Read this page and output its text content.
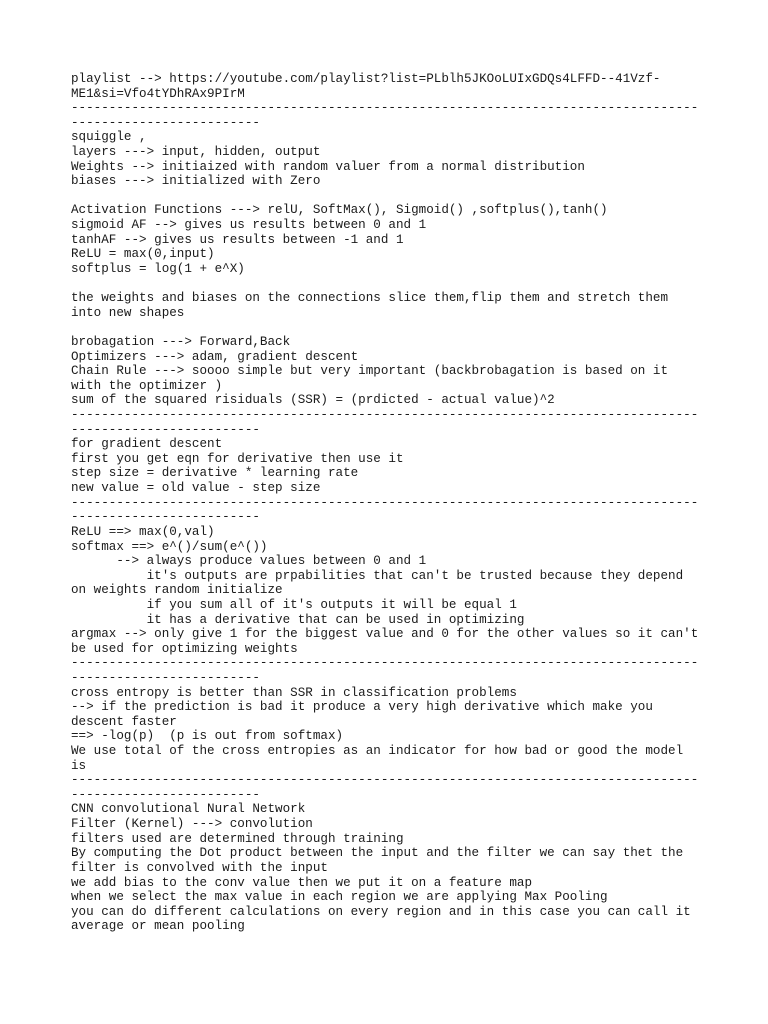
playlist --> https://youtube.com/playlist?list=PLblh5JKOoLUIxGDQs4LFFD--41Vzf-
ME1&si=Vfo4tYDhRAx9PIrM
-----------------------------------------------------------------------------------
-------------------------
squiggle ,
layers ---> input, hidden, output
Weights --> initiaized with random valuer from a normal distribution
biases ---> initialized with Zero
Activation Functions ---> relU, SoftMax(), Sigmoid() ,softplus(),tanh()
sigmoid AF --> gives us results between 0 and 1
tanhAF --> gives us results between -1 and 1
ReLU = max(0,input)
softplus = log(1 + e^X)
the weights and biases on the connections slice them,flip them and stretch them
into new shapes
brobagation ---> Forward,Back
Optimizers ---> adam, gradient descent
Chain Rule ---> soooo simple but very important (backbrobagation is based on it
with the optimizer )
sum of the squared risiduals (SSR) = (prdicted - actual value)^2
-----------------------------------------------------------------------------------
-------------------------
for gradient descent
first you get eqn for derivative then use it
step size = derivative * learning rate
new value = old value - step size
-----------------------------------------------------------------------------------
-------------------------
ReLU ==> max(0,val)
softmax ==> e^()/sum(e^())
--> always produce values between 0 and 1
it's outputs are prpabilities that can't be trusted because they depend
on weights random initialize
if you sum all of it's outputs it will be equal 1
it has a derivative that can be used in optimizing
argmax --> only give 1 for the biggest value and 0 for the other values so it can't
be used for optimizing weights
-----------------------------------------------------------------------------------
-------------------------
cross entropy is better than SSR in classification problems
--> if the prediction is bad it produce a very high derivative which make you
descent faster
==> -log(p)  (p is out from softmax)
We use total of the cross entropies as an indicator for how bad or good the model
is
-----------------------------------------------------------------------------------
-------------------------
CNN convolutional Nural Network
Filter (Kernel) ---> convolution
filters used are determined through training
By computing the Dot product between the input and the filter we can say thet the
filter is convolved with the input
we add bias to the conv value then we put it on a feature map
when we select the max value in each region we are applying Max Pooling
you can do different calculations on every region and in this case you can call it
average or mean pooling
